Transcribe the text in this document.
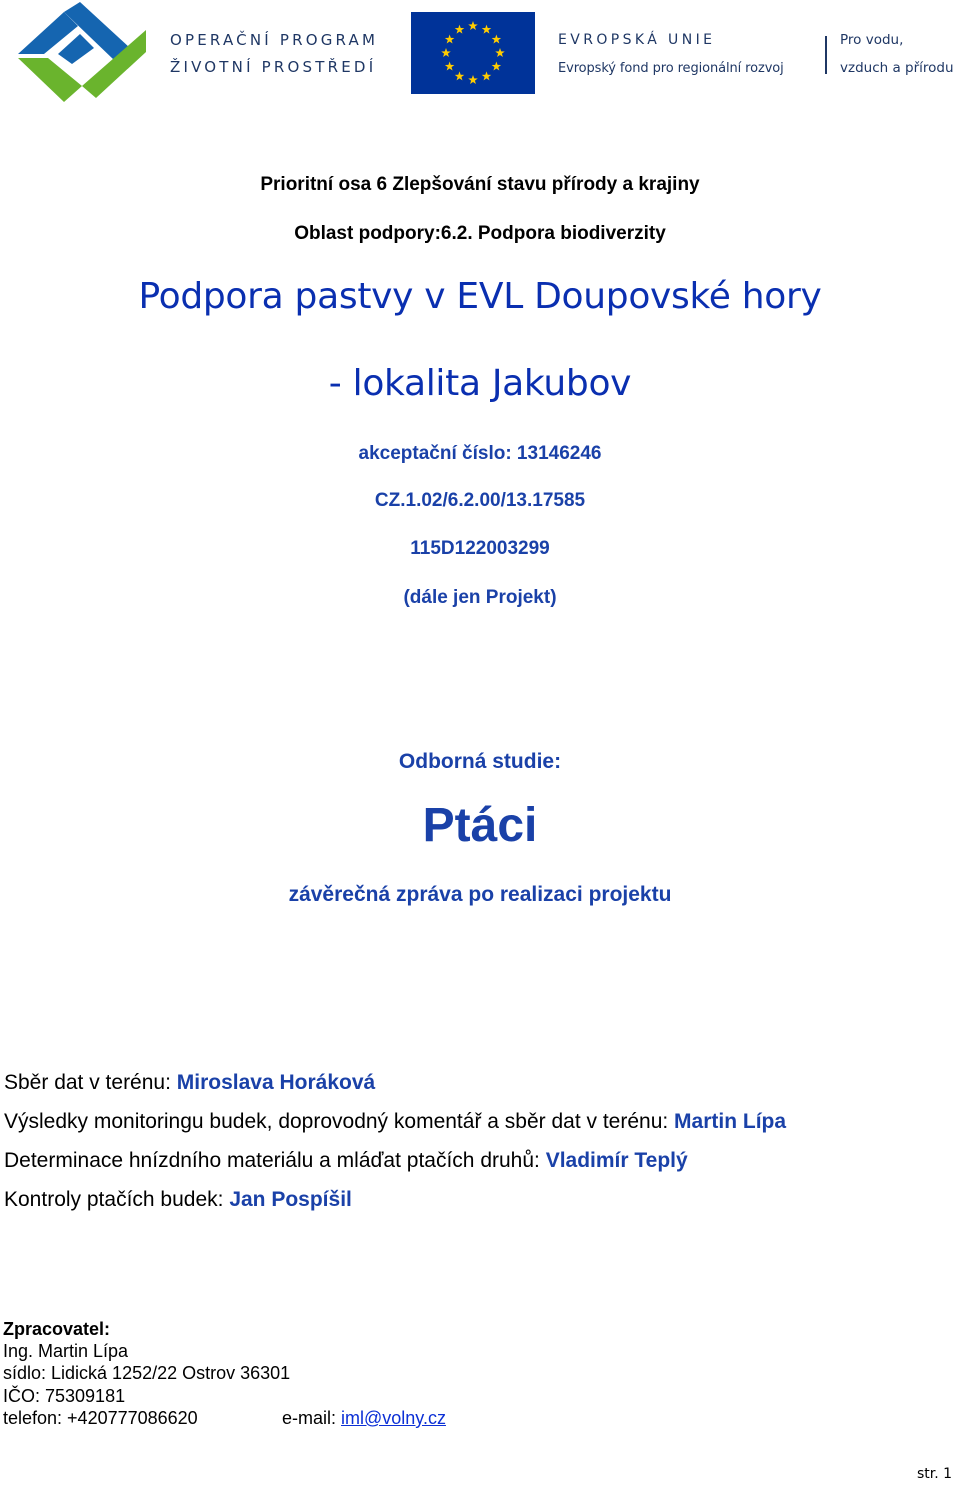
OPERAČNÍ PROGRAM
ŽIVOTNÍ PROSTŘEDÍ
EVROPSKÁ UNIE
Evropský fond pro regionální rozvoj
Pro vodu,
vzduch a přírodu
Prioritní osa 6 Zlepšování stavu přírody a krajiny
Oblast podpory:6.2. Podpora biodiverzity
Podpora pastvy v EVL Doupovské hory
- lokalita Jakubov
akceptační číslo: 13146246
CZ.1.02/6.2.00/13.17585
115D122003299
(dále jen Projekt)
Odborná studie:
Ptáci
závěrečná zpráva po realizaci projektu
Sběr dat v terénu: Miroslava Horáková
Výsledky monitoringu budek, doprovodný komentář a sběr dat v terénu: Martin Lípa
Determinace hnízdního materiálu a mláďat ptačích druhů: Vladimír Teplý
Kontroly ptačích budek: Jan Pospíšil
Zpracovatel:
Ing. Martin Lípa
sídlo: Lidická 1252/22 Ostrov 36301
IČO: 75309181
telefon: +420777086620	e-mail: iml@volny.cz
str. 1
